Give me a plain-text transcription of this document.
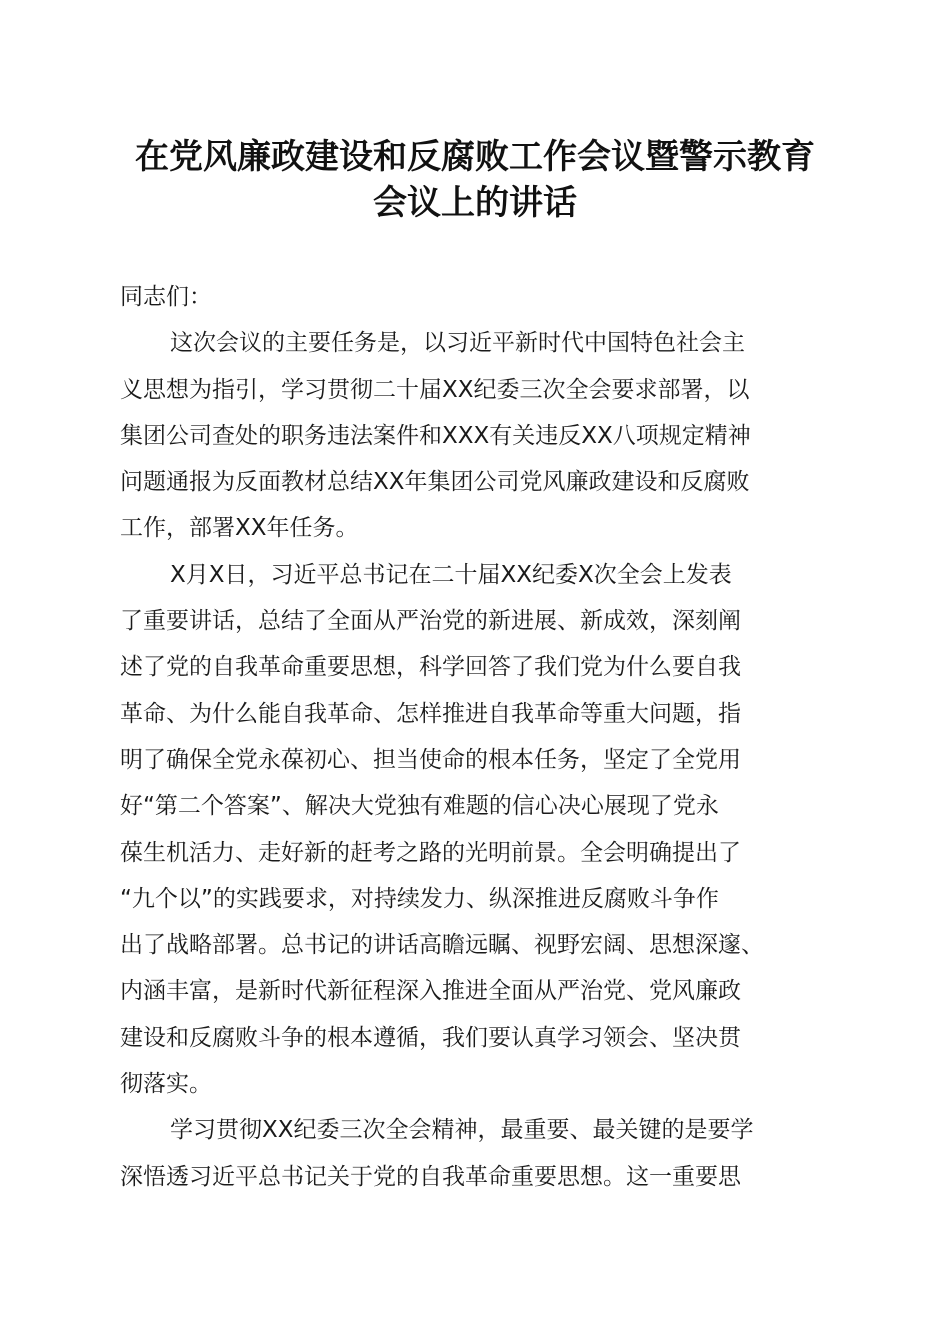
在党风廉政建设和反腐败工作会议暨警示教育
会议上的讲话

同志们：

这次会议的主要任务是，以习近平新时代中国特色社会主
义思想为指引，学习贯彻二十届XX纪委三次全会要求部署，以
集团公司查处的职务违法案件和XXX有关违反XX八项规定精神
问题通报为反面教材总结XX年集团公司党风廉政建设和反腐败
工作，部署XX年任务。

X月X日，习近平总书记在二十届XX纪委X次全会上发表
了重要讲话，总结了全面从严治党的新进展、新成效，深刻阐
述了党的自我革命重要思想，科学回答了我们党为什么要自我
革命、为什么能自我革命、怎样推进自我革命等重大问题，指
明了确保全党永葆初心、担当使命的根本任务，坚定了全党用
好“第二个答案”、解决大党独有难题的信心决心展现了党永
葆生机活力、走好新的赶考之路的光明前景。全会明确提出了
“九个以”的实践要求，对持续发力、纵深推进反腐败斗争作
出了战略部署。总书记的讲话高瞻远瞩、视野宏阔、思想深邃、
内涵丰富，是新时代新征程深入推进全面从严治党、党风廉政
建设和反腐败斗争的根本遵循，我们要认真学习领会、坚决贯
彻落实。

学习贯彻XX纪委三次全会精神，最重要、最关键的是要学
深悟透习近平总书记关于党的自我革命重要思想。这一重要思
